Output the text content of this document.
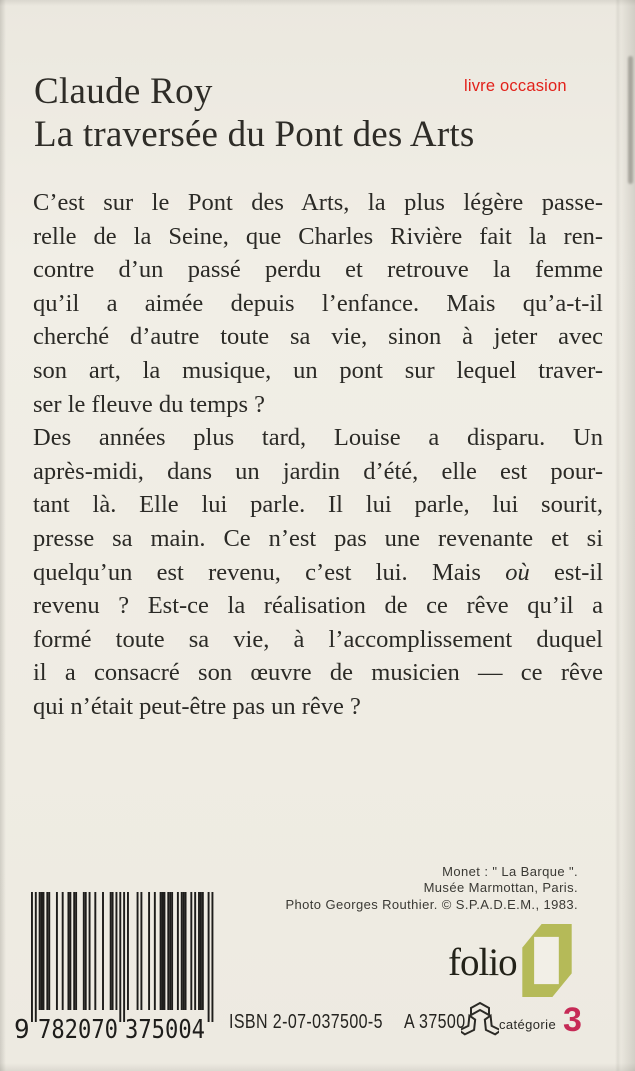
Claude Roy	livre occasion
La traversée du Pont des Arts
C’est sur le Pont des Arts, la plus légère passe-
relle de la Seine, que Charles Rivière fait la ren-
contre d’un passé perdu et retrouve la femme
qu’il a aimée depuis l’enfance. Mais qu’a-t-il
cherché d’autre toute sa vie, sinon à jeter avec
son art, la musique, un pont sur lequel traver-
ser le fleuve du temps ?
Des années plus tard, Louise a disparu. Un
après-midi, dans un jardin d’été, elle est pour-
tant là. Elle lui parle. Il lui parle, lui sourit,
presse sa main. Ce n’est pas une revenante et si
quelqu’un est revenu, c’est lui. Mais où est-il
revenu ? Est-ce la réalisation de ce rêve qu’il a
formé toute sa vie, à l’accomplissement duquel
il a consacré son œuvre de musicien — ce rêve
qui n’était peut-être pas un rêve ?
Monet : " La Barque ".
Musée Marmottan, Paris.
Photo Georges Routhier. © S.P.A.D.E.M., 1983.
folio
9 782070 375004 ISBN 2-07-037500-5 A 37500	catégorie 3
